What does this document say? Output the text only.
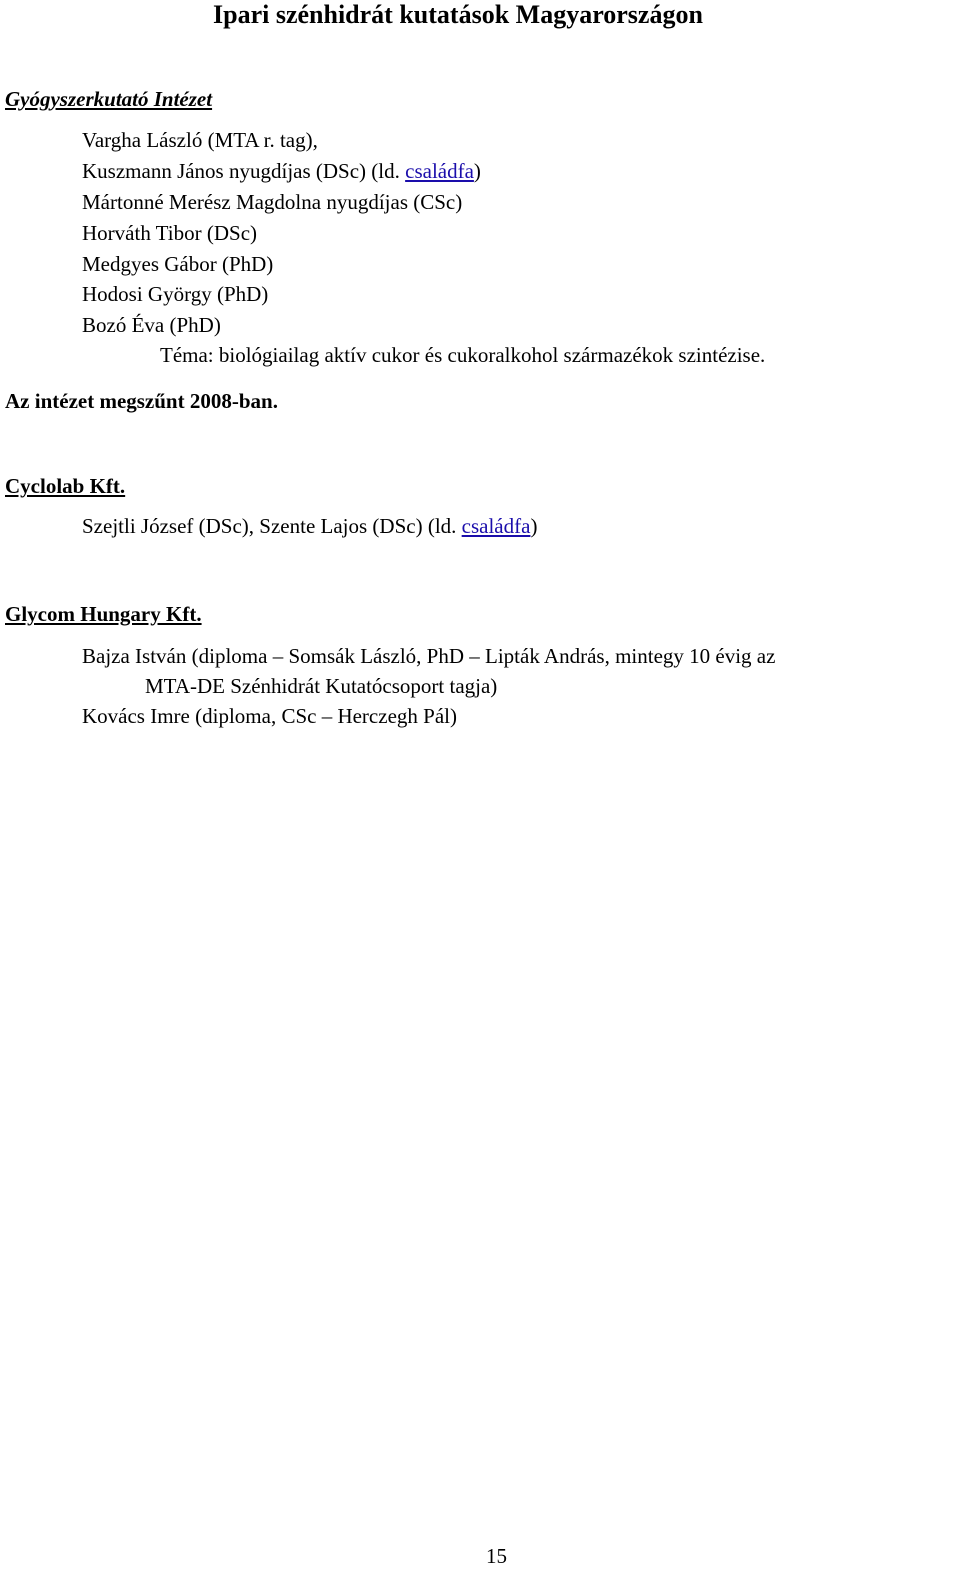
Ipari szénhidrát kutatások Magyarországon
Gyógyszerkutató Intézet
Vargha László (MTA r. tag),
Kuszmann János nyugdíjas (DSc) (ld. családfa)
Mártonné Merész Magdolna nyugdíjas (CSc)
Horváth Tibor (DSc)
Medgyes Gábor (PhD)
Hodosi György (PhD)
Bozó Éva (PhD)
Téma: biológiailag aktív cukor és cukoralkohol származékok szintézise.
Az intézet megszűnt 2008-ban.
Cyclolab Kft.
Szejtli József (DSc), Szente Lajos (DSc) (ld. családfa)
Glycom Hungary Kft.
Bajza István (diploma – Somsák László, PhD – Lipták András, mintegy 10 évig az
MTA-DE Szénhidrát Kutatócsoport tagja)
Kovács Imre (diploma, CSc – Herczegh Pál)
15
